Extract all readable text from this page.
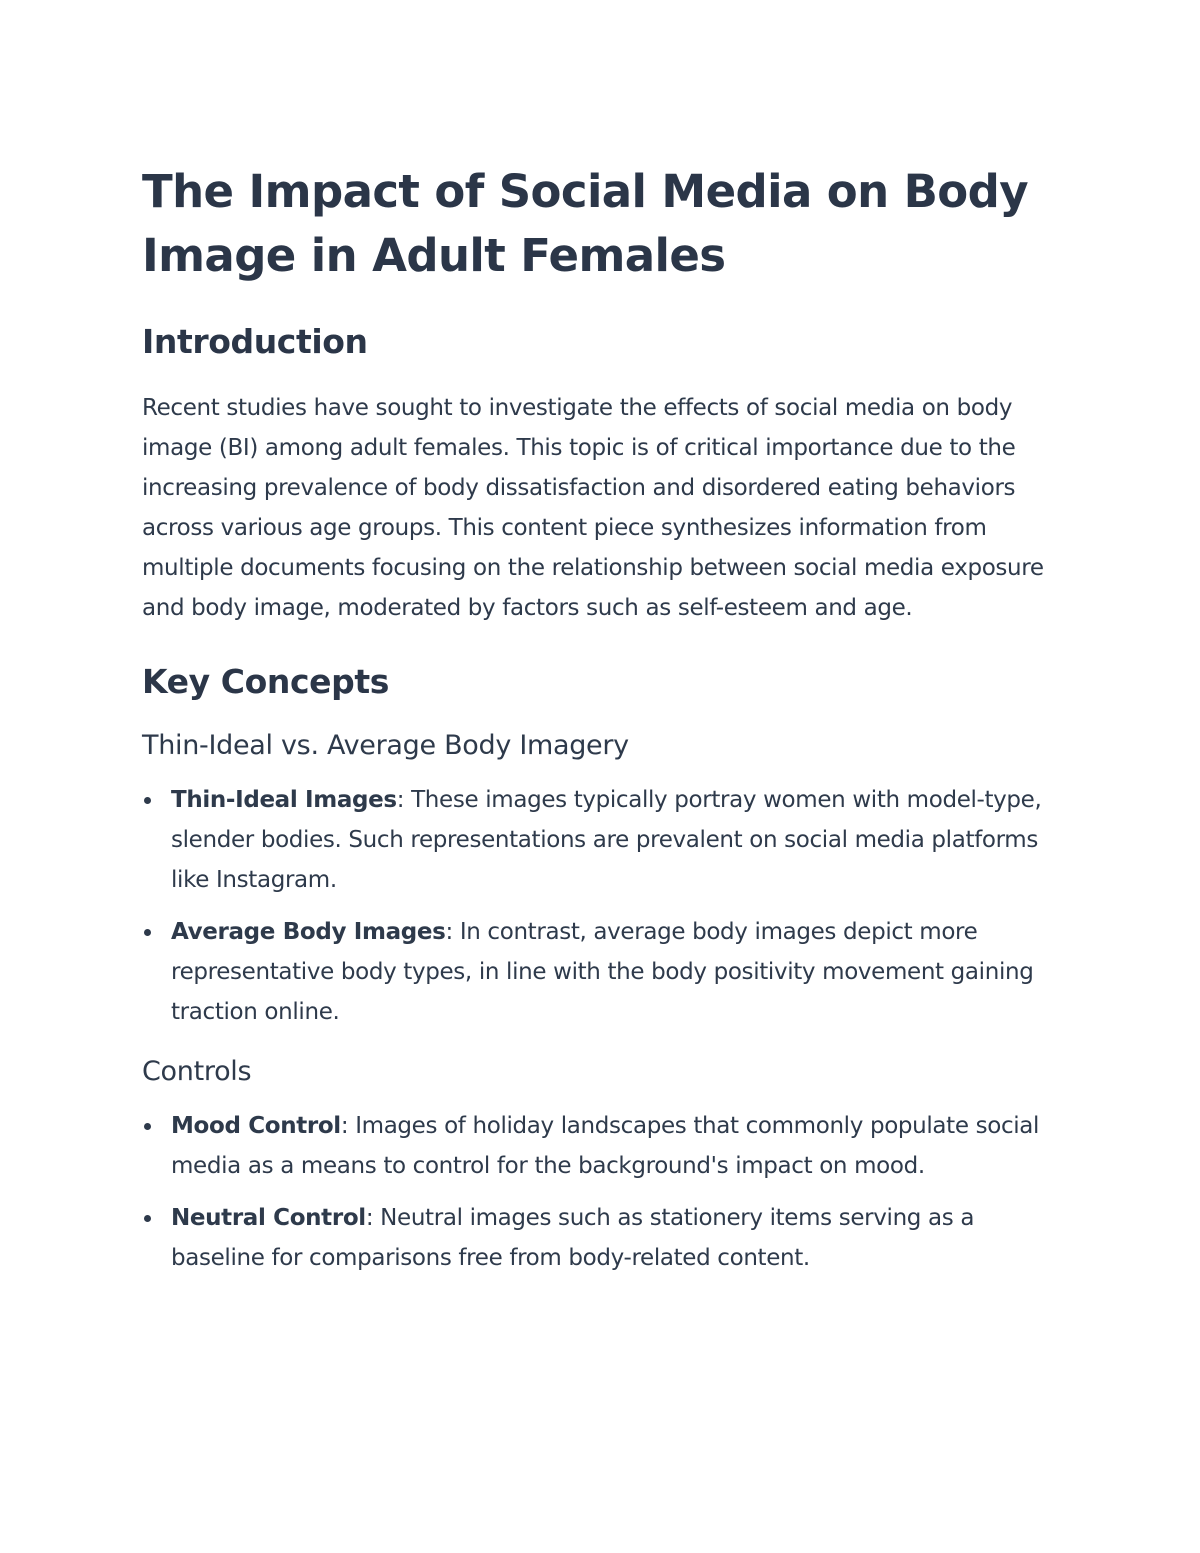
The Impact of Social Media on Body Image in Adult Females
Introduction

Recent studies have sought to investigate the effects of social media on body image (BI) among adult females. This topic is of critical importance due to the increasing prevalence of body dissatisfaction and disordered eating behaviors across various age groups. This content piece synthesizes information from multiple documents focusing on the relationship between social media exposure and body image, moderated by factors such as self-esteem and age.

Key Concepts
Thin-Ideal vs. Average Body Imagery
Thin-Ideal Images: These images typically portray women with model-type, slender bodies. Such representations are prevalent on social media platforms like Instagram.
Average Body Images: In contrast, average body images depict more representative body types, in line with the body positivity movement gaining traction online.
Controls
Mood Control: Images of holiday landscapes that commonly populate social media as a means to control for the background's impact on mood.
Neutral Control: Neutral images such as stationery items serving as a baseline for comparisons free from body-related content.
